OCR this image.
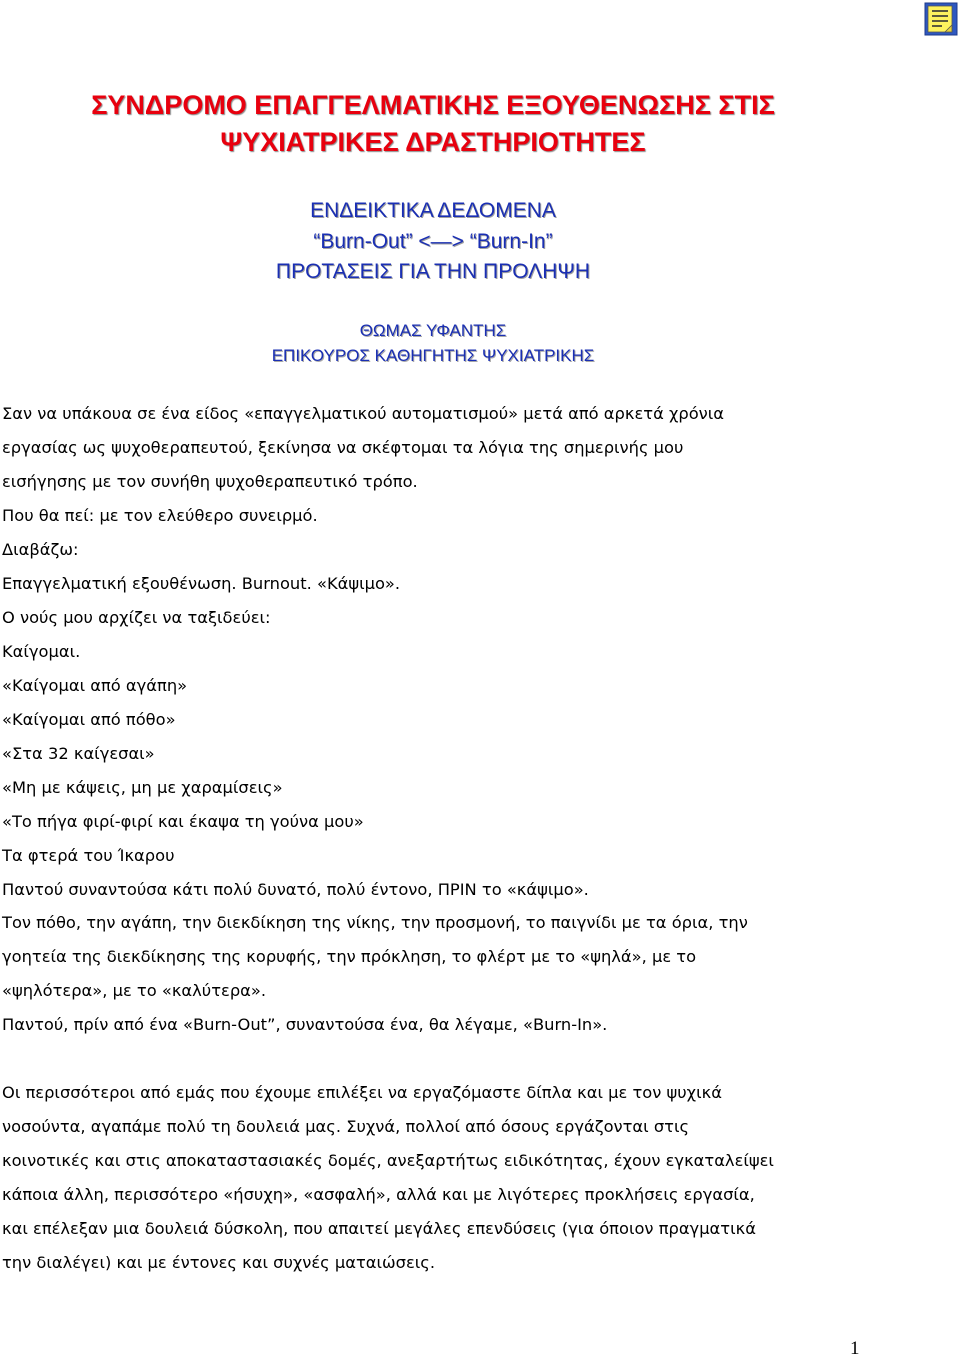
ΣΥΝΔΡΟΜΟ ΕΠΑΓΓΕΛΜΑΤΙΚΗΣ ΕΞΟΥΘΕΝΩΣΗΣ ΣΤΙΣ
ΨΥΧΙΑΤΡΙΚΕΣ ΔΡΑΣΤΗΡΙΟΤΗΤΕΣ
ΕΝΔΕΙΚΤΙΚΑ ΔΕΔΟΜΕΝΑ
“Burn-Out” <—> “Burn-In”
ΠΡΟΤΑΣΕΙΣ ΓΙΑ ΤΗΝ ΠΡΟΛΗΨΗ
ΘΩΜΑΣ ΥΦΑΝΤΗΣ
ΕΠΙΚΟΥΡΟΣ ΚΑΘΗΓΗΤΗΣ ΨΥΧΙΑΤΡΙΚΗΣ
Σαν να υπάκουα σε ένα είδος «επαγγελματικού αυτοματισμού» μετά από αρκετά χρόνια
εργασίας ως ψυχοθεραπευτού, ξεκίνησα να σκέφτομαι τα λόγια της σημερινής μου
εισήγησης με τον συνήθη ψυχοθεραπευτικό τρόπο.
Που θα πεί: με τον ελεύθερο συνειρμό.
Διαβάζω:
Επαγγελματική εξουθένωση. Burnout. «Κάψιμο».
Ο νούς μου αρχίζει να ταξιδεύει:
Καίγομαι.
«Καίγομαι από αγάπη»
«Καίγομαι από πόθο»
«Στα 32 καίγεσαι»
«Μη με κάψεις, μη με χαραμίσεις»
«Το πήγα φιρί-φιρί και έκαψα τη γούνα μου»
Τα φτερά του Ίκαρου
Παντού συναντούσα κάτι πολύ δυνατό, πολύ έντονο, ΠΡΙΝ το «κάψιμο».
Τον πόθο, την αγάπη, την διεκδίκηση της νίκης, την προσμονή, το παιγνίδι με τα όρια, την
γοητεία της διεκδίκησης της κορυφής, την πρόκληση, το φλέρτ με το «ψηλά», με το
«ψηλότερα», με το «καλύτερα».
Παντού, πρίν από ένα «Burn-Out”, συναντούσα ένα, θα λέγαμε, «Burn-In».
Οι περισσότεροι από εμάς που έχουμε επιλέξει να εργαζόμαστε δίπλα και με τον ψυχικά
νοσούντα, αγαπάμε πολύ τη δουλειά μας. Συχνά, πολλοί από όσους εργάζονται στις
κοινοτικές και στις αποκαταστασιακές δομές, ανεξαρτήτως ειδικότητας, έχουν εγκαταλείψει
κάποια άλλη, περισσότερο «ήσυχη», «ασφαλή», αλλά και με λιγότερες προκλήσεις εργασία,
και επέλεξαν μια δουλειά δύσκολη, που απαιτεί μεγάλες επενδύσεις (για όποιον πραγματικά
την διαλέγει) και με έντονες και συχνές ματαιώσεις.
1
